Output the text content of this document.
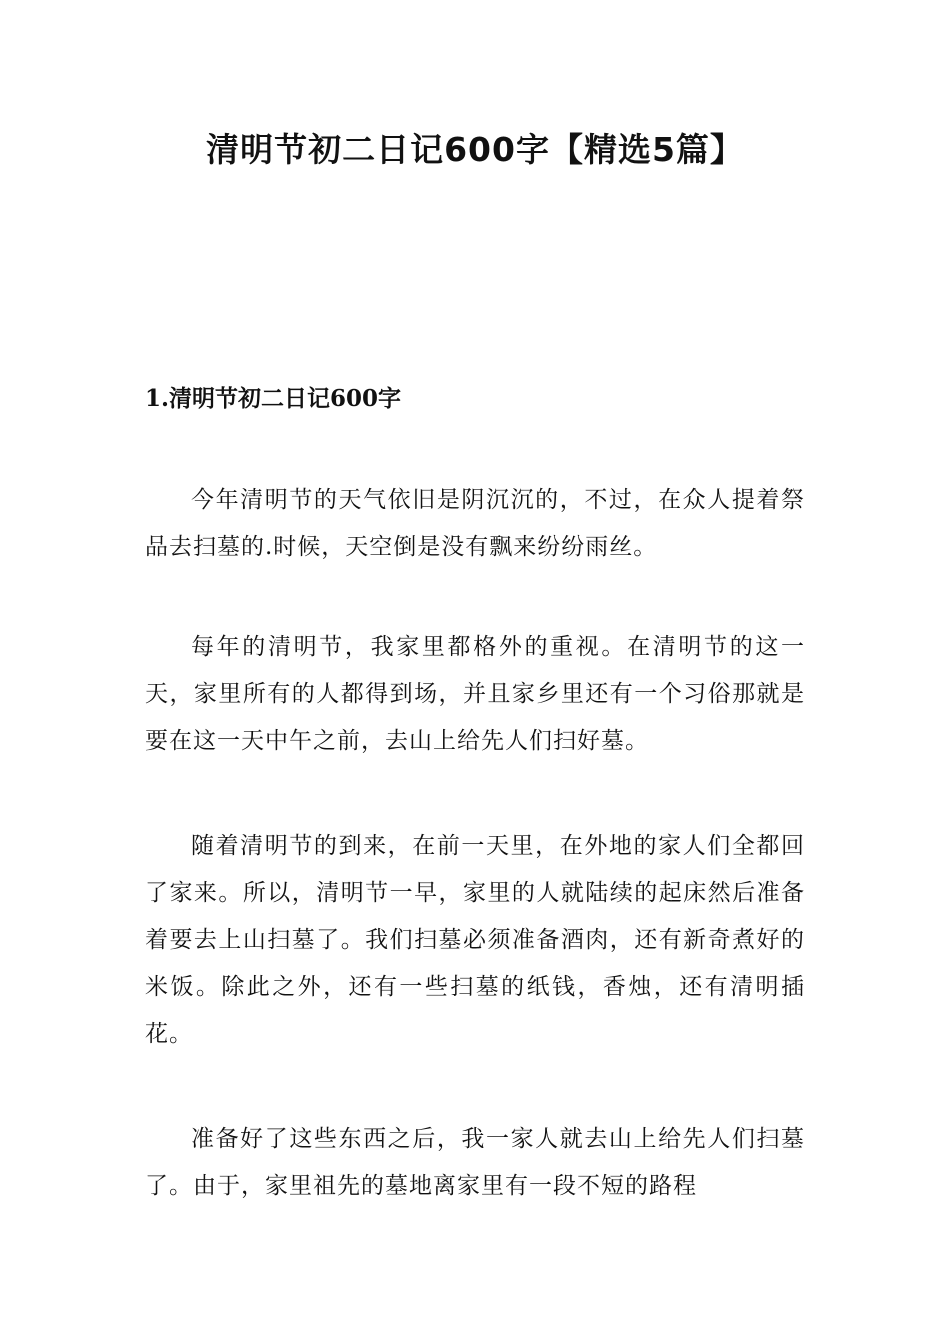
清明节初二日记600字【精选5篇】
1.清明节初二日记600字

今年清明节的天气依旧是阴沉沉的，不过，在众人提着祭品去扫墓的.时候，天空倒是没有飘来纷纷雨丝。

每年的清明节，我家里都格外的重视。在清明节的这一天，家里所有的人都得到场，并且家乡里还有一个习俗那就是要在这一天中午之前，去山上给先人们扫好墓。

随着清明节的到来，在前一天里，在外地的家人们全都回了家来。所以，清明节一早，家里的人就陆续的起床然后准备着要去上山扫墓了。我们扫墓必须准备酒肉，还有新奇煮好的米饭。除此之外，还有一些扫墓的纸钱，香烛，还有清明插花。

准备好了这些东西之后，我一家人就去山上给先人们扫墓了。由于，家里祖先的墓地离家里有一段不短的路程
